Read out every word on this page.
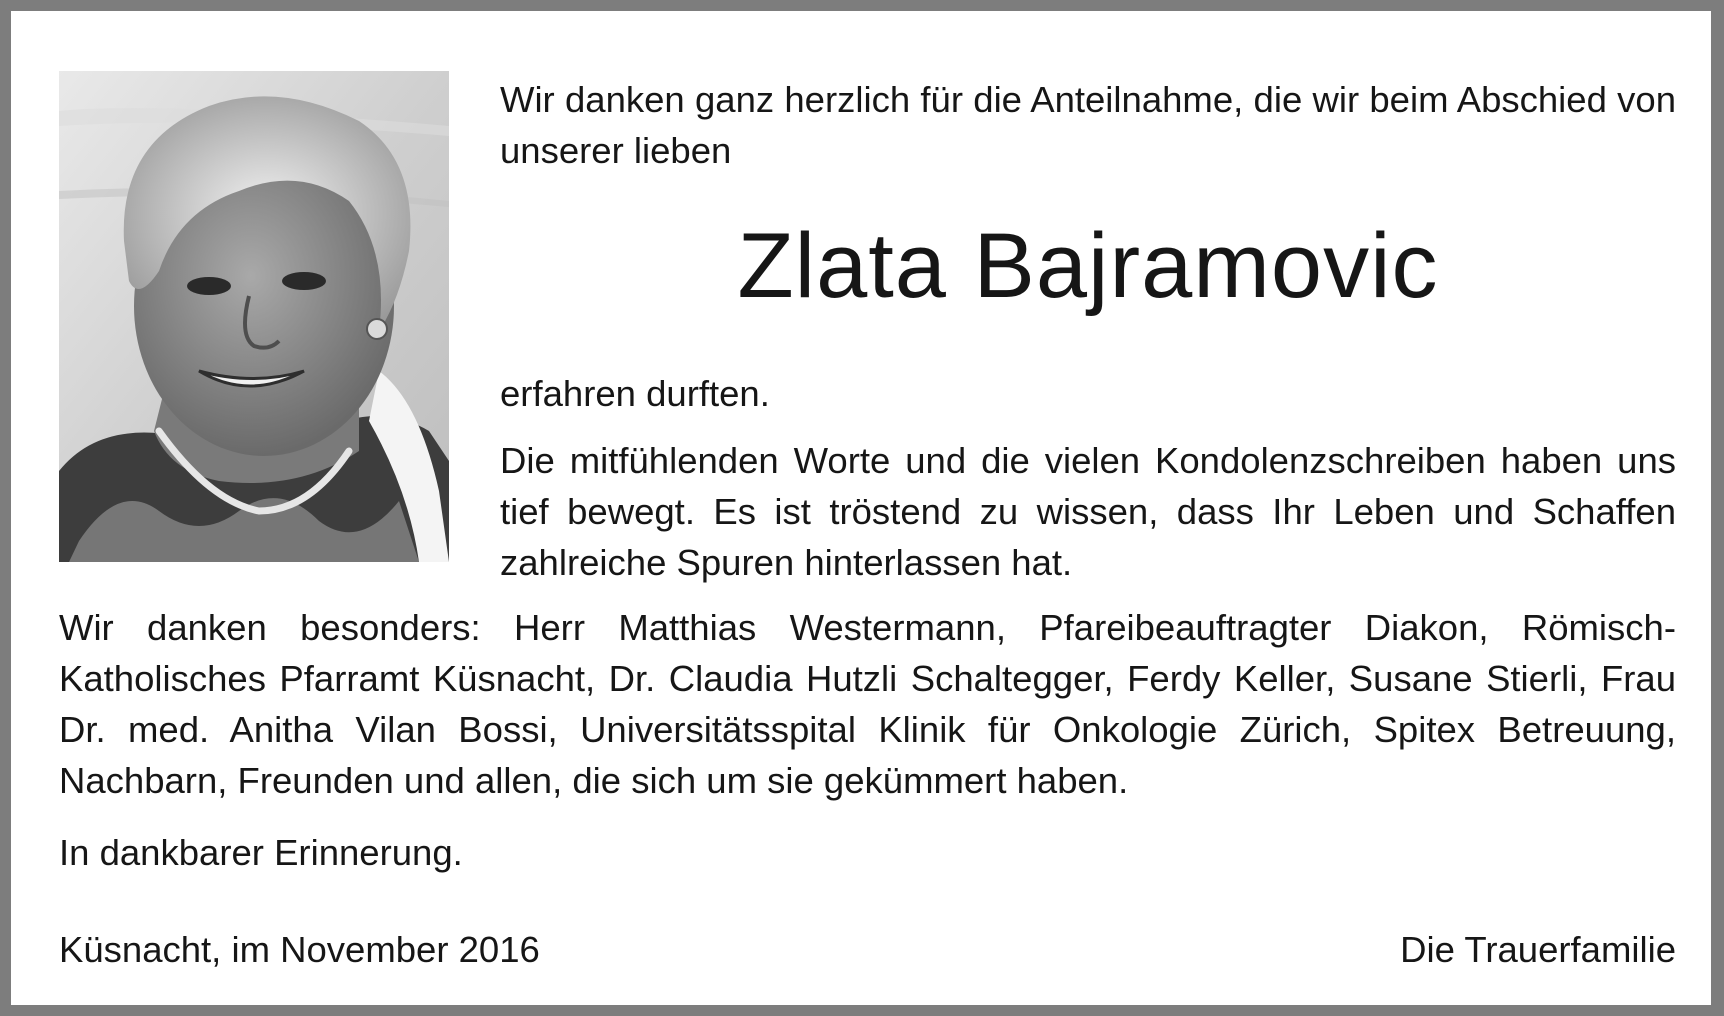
Wir danken ganz herzlich für die Anteilnahme, die wir beim Abschied von unserer lieben

Zlata Bajramovic

erfahren durften.

Die mitfühlenden Worte und die vielen Kondolenzschreiben haben uns tief bewegt. Es ist tröstend zu wissen, dass Ihr Leben und Schaffen zahlreiche Spuren hinterlassen hat.

Wir danken besonders: Herr Matthias Westermann, Pfareibeauftragter Diakon, Römisch-Katholisches Pfarramt Küsnacht, Dr. Claudia Hutzli Schaltegger, Ferdy Keller, Susane Stierli, Frau Dr. med. Anitha Vilan Bossi, Universitätsspital Klinik für Onkologie Zürich, Spitex Betreuung, Nachbarn, Freunden und allen, die sich um sie gekümmert haben.

In dankbarer Erinnerung.

Küsnacht, im November 2016	Die Trauerfamilie
